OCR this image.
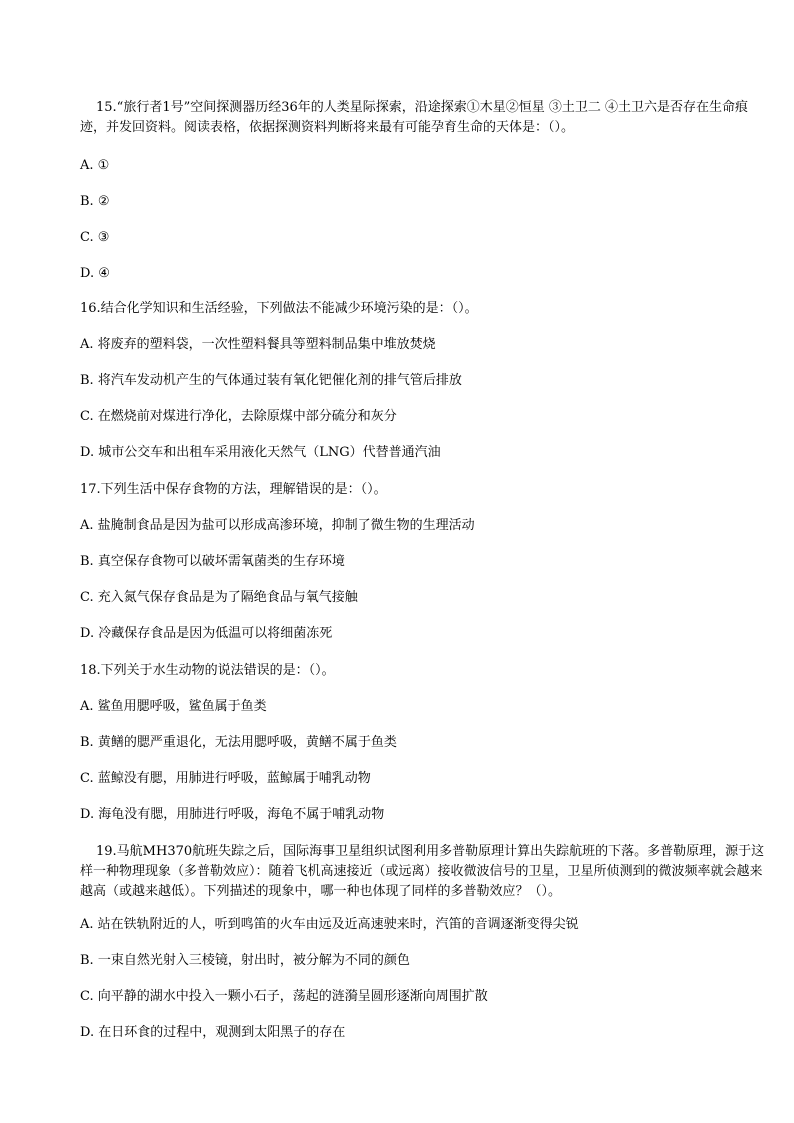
15.“旅行者1号”空间探测器历经36年的人类星际探索，沿途探索①木星②恒星 ③土卫二 ④土卫六是否存在生命痕迹，并发回资料。阅读表格，依据探测资料判断将来最有可能孕育生命的天体是：（）。
A. ①
B. ②
C. ③
D. ④
16.结合化学知识和生活经验，下列做法不能减少环境污染的是：（）。
A. 将废弃的塑料袋，一次性塑料餐具等塑料制品集中堆放焚烧
B. 将汽车发动机产生的气体通过装有氧化钯催化剂的排气管后排放
C. 在燃烧前对煤进行净化，去除原煤中部分硫分和灰分
D. 城市公交车和出租车采用液化天然气（LNG）代替普通汽油
17.下列生活中保存食物的方法，理解错误的是：（）。
A. 盐腌制食品是因为盐可以形成高渗环境，抑制了微生物的生理活动
B. 真空保存食物可以破坏需氧菌类的生存环境
C. 充入氮气保存食品是为了隔绝食品与氧气接触
D. 冷藏保存食品是因为低温可以将细菌冻死
18.下列关于水生动物的说法错误的是：（）。
A. 鲨鱼用腮呼吸，鲨鱼属于鱼类
B. 黄鳝的腮严重退化，无法用腮呼吸，黄鳝不属于鱼类
C. 蓝鲸没有腮，用肺进行呼吸，蓝鲸属于哺乳动物
D. 海龟没有腮，用肺进行呼吸，海龟不属于哺乳动物
19.马航MH370航班失踪之后，国际海事卫星组织试图利用多普勒原理计算出失踪航班的下落。多普勒原理，源于这样一种物理现象（多普勒效应）：随着飞机高速接近（或远离）接收微波信号的卫星，卫星所侦测到的微波频率就会越来越高（或越来越低）。下列描述的现象中，哪一种也体现了同样的多普勒效应？（）。
A. 站在铁轨附近的人，听到鸣笛的火车由远及近高速驶来时，汽笛的音调逐渐变得尖锐
B. 一束自然光射入三棱镜，射出时，被分解为不同的颜色
C. 向平静的湖水中投入一颗小石子，荡起的涟漪呈圆形逐渐向周围扩散
D. 在日环食的过程中，观测到太阳黑子的存在
